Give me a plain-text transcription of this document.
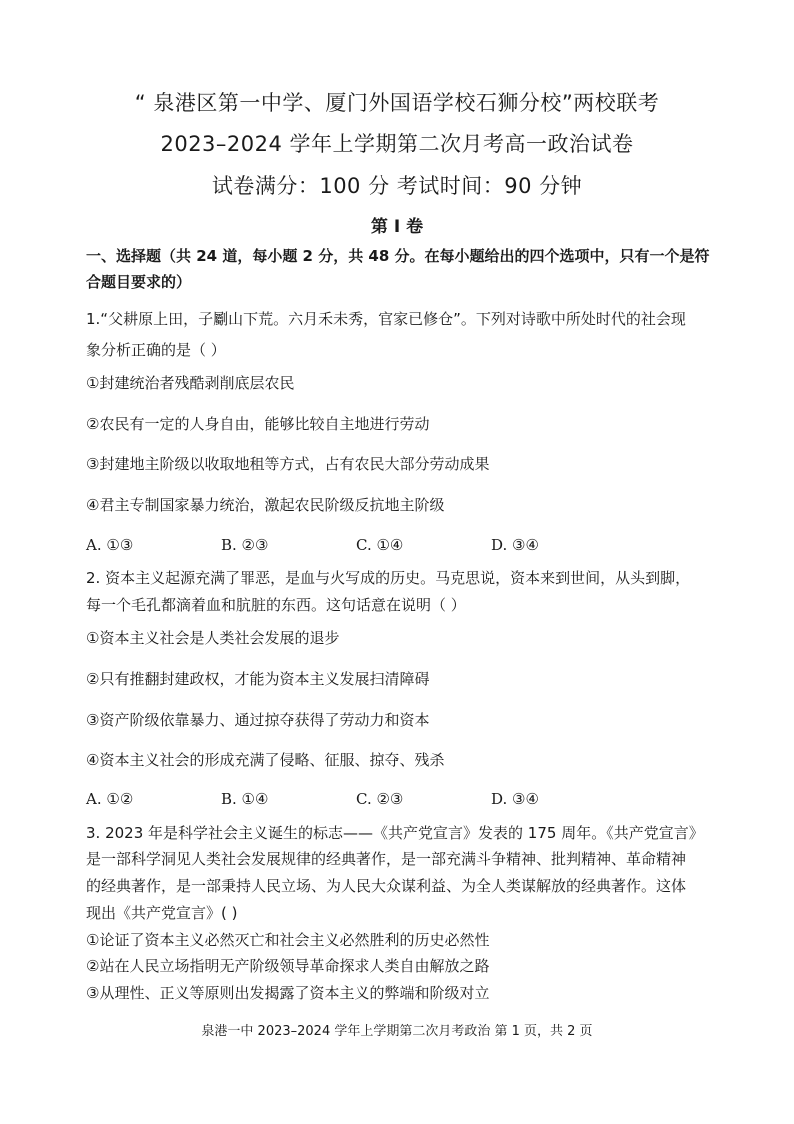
“ 泉港区第一中学、厦门外国语学校石狮分校”两校联考
2023–2024 学年上学期第二次月考高一政治试卷
试卷满分：100 分 考试时间：90 分钟
第 I 卷
一、选择题（共 24 道，每小题 2 分，共 48 分。在每小题给出的四个选项中，只有一个是符合题目要求的）
1.“父耕原上田，子劚山下荒。六月禾未秀，官家已修仓”。下列对诗歌中所处时代的社会现
象分析正确的是（ ）
①封建统治者残酷剥削底层农民
②农民有一定的人身自由，能够比较自主地进行劳动
③封建地主阶级以收取地租等方式，占有农民大部分劳动成果
④君主专制国家暴力统治，激起农民阶级反抗地主阶级
A. ①③	B. ②③	C. ①④	D. ③④
2. 资本主义起源充满了罪恶，是血与火写成的历史。马克思说，资本来到世间，从头到脚，
每一个毛孔都滴着血和肮脏的东西。这句话意在说明（ ）
①资本主义社会是人类社会发展的退步
②只有推翻封建政权，才能为资本主义发展扫清障碍
③资产阶级依靠暴力、通过掠夺获得了劳动力和资本
④资本主义社会的形成充满了侵略、征服、掠夺、残杀
A. ①②	B. ①④	C. ②③	D. ③④
3. 2023 年是科学社会主义诞生的标志——《共产党宣言》发表的 175 周年。《共产党宣言》
是一部科学洞见人类社会发展规律的经典著作，是一部充满斗争精神、批判精神、革命精神
的经典著作，是一部秉持人民立场、为人民大众谋利益、为全人类谋解放的经典著作。这体
现出《共产党宣言》( )
①论证了资本主义必然灭亡和社会主义必然胜利的历史必然性
②站在人民立场指明无产阶级领导革命探求人类自由解放之路
③从理性、正义等原则出发揭露了资本主义的弊端和阶级对立
泉港一中 2023–2024 学年上学期第二次月考政治 第 1 页，共 2 页
